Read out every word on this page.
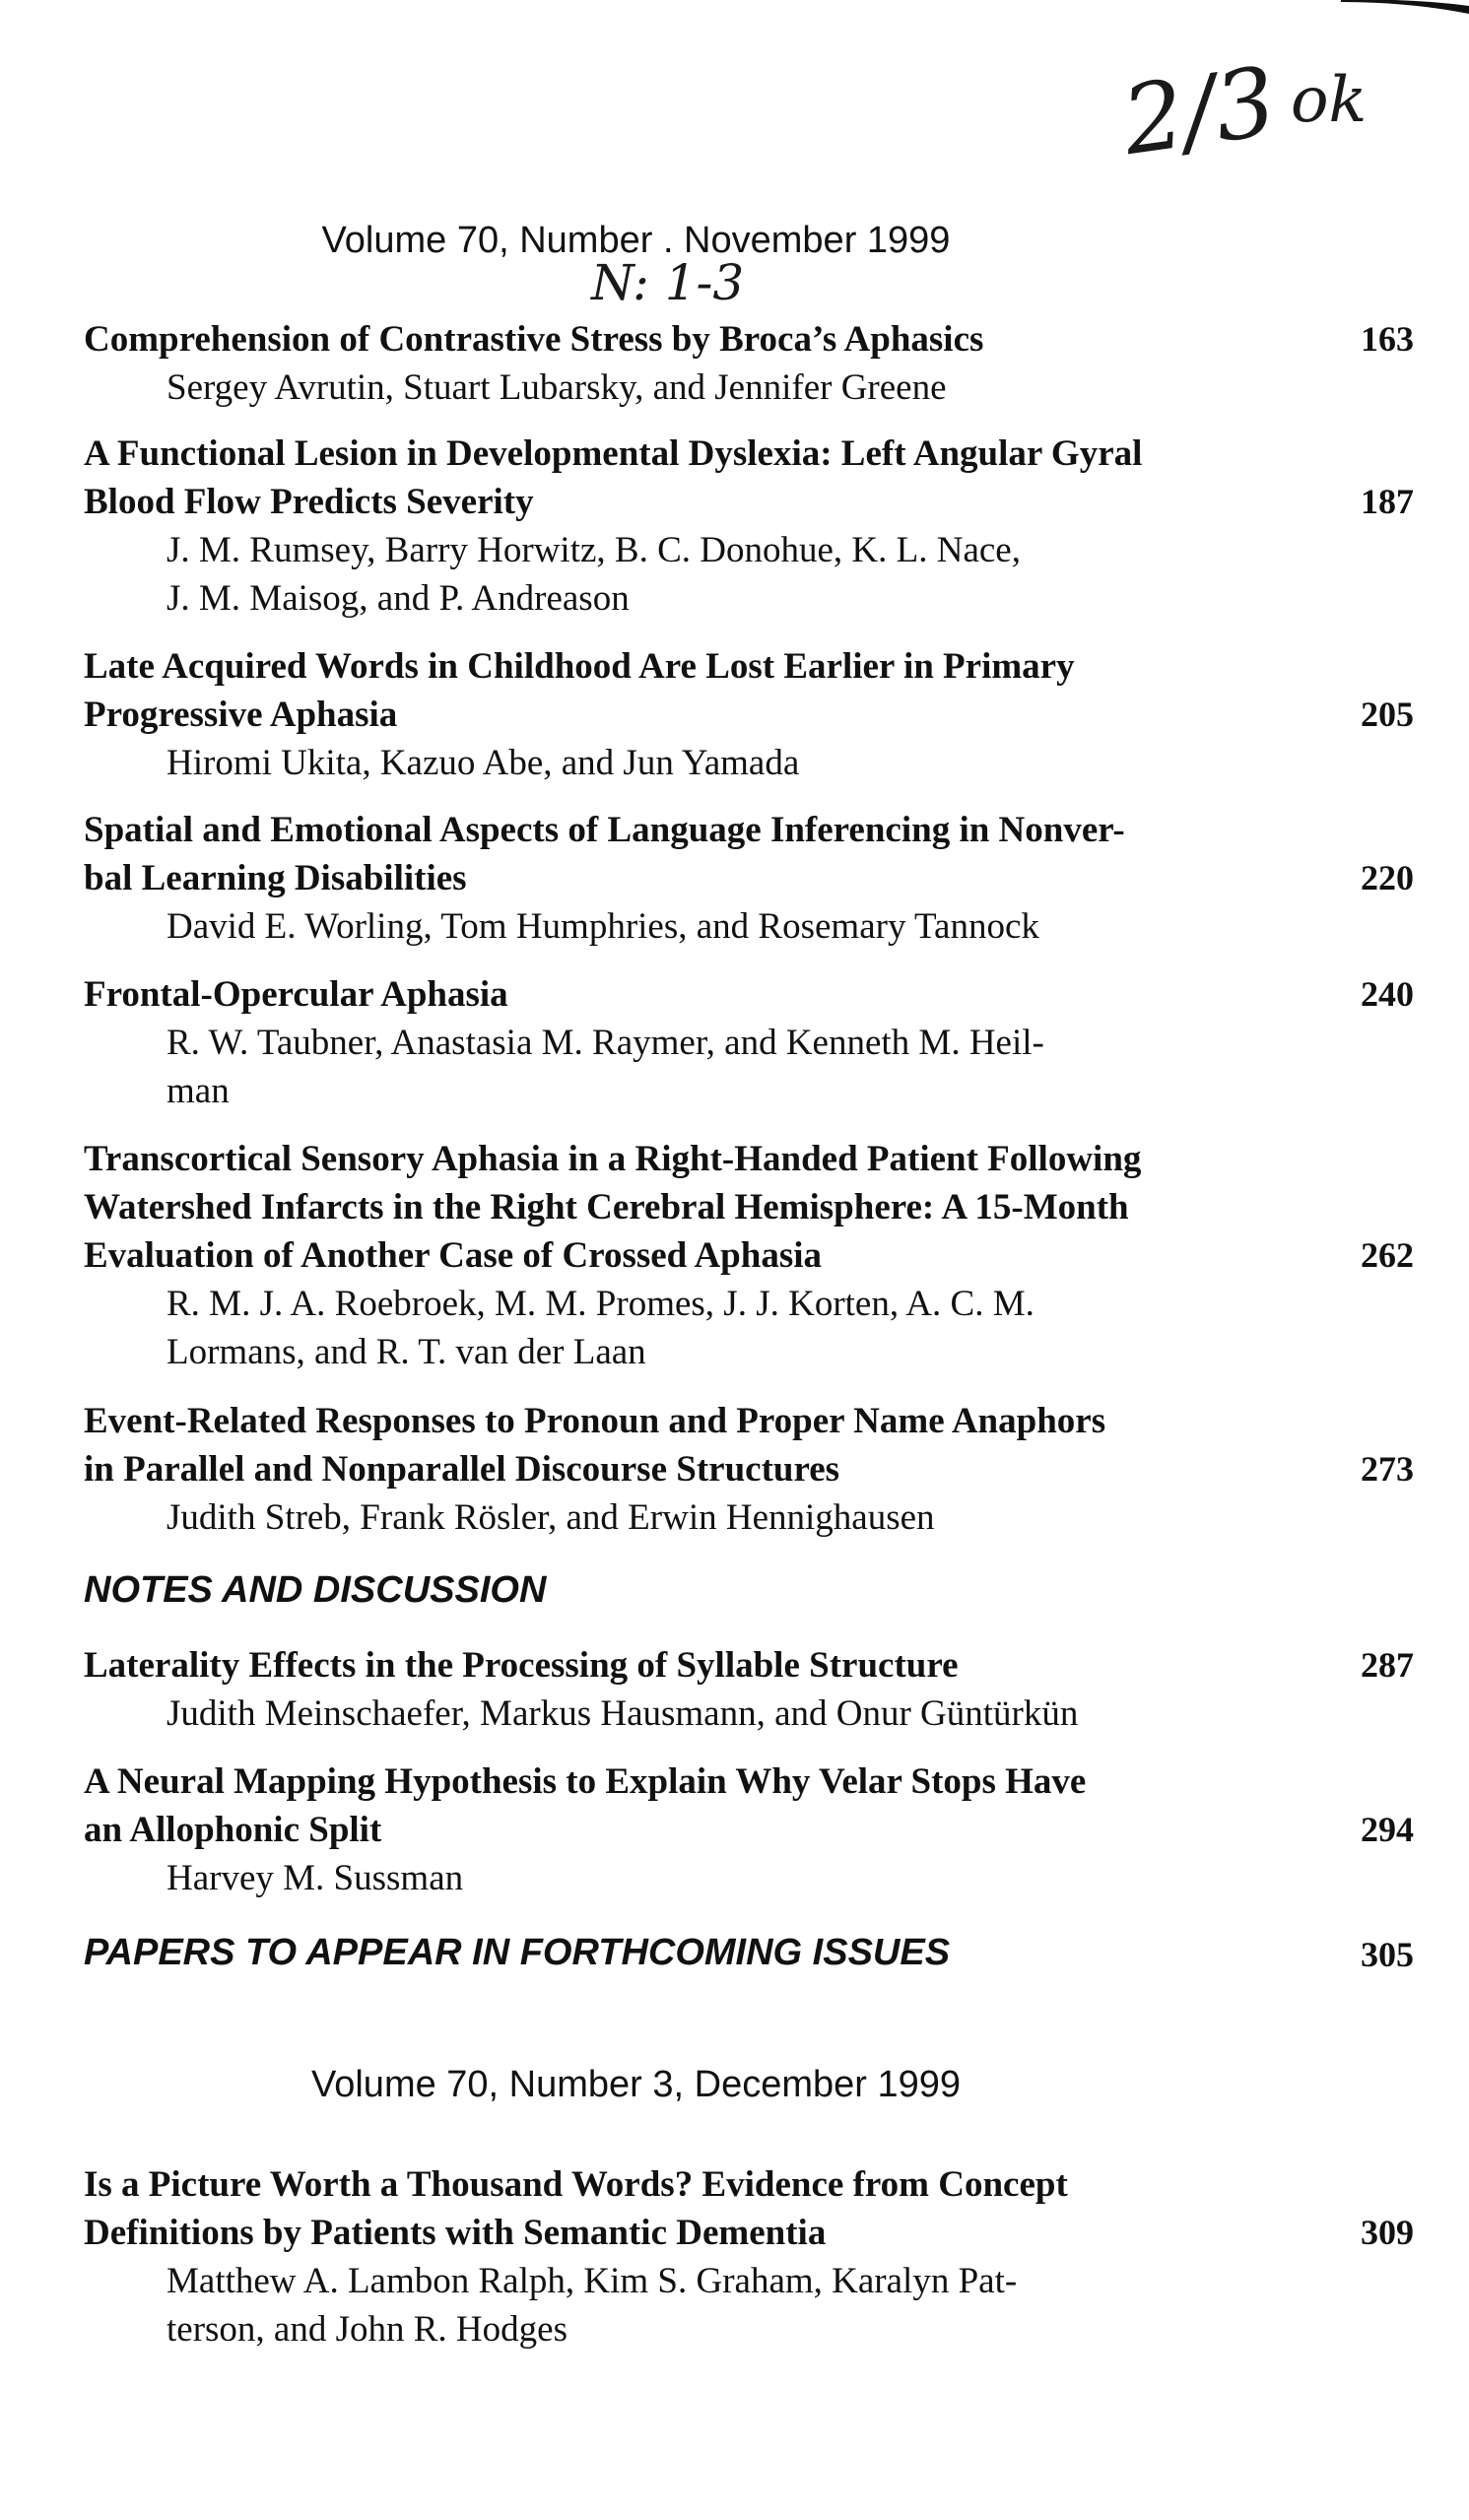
2/3 ok
N: 1-3
Volume 70, Number . November 1999
Comprehension of Contrastive Stress by Broca’s Aphasics	163
Sergey Avrutin, Stuart Lubarsky, and Jennifer Greene
A Functional Lesion in Developmental Dyslexia: Left Angular Gyral
Blood Flow Predicts Severity	187
J. M. Rumsey, Barry Horwitz, B. C. Donohue, K. L. Nace,
J. M. Maisog, and P. Andreason
Late Acquired Words in Childhood Are Lost Earlier in Primary
Progressive Aphasia	205
Hiromi Ukita, Kazuo Abe, and Jun Yamada
Spatial and Emotional Aspects of Language Inferencing in Nonver-
bal Learning Disabilities	220
David E. Worling, Tom Humphries, and Rosemary Tannock
Frontal-Opercular Aphasia	240
R. W. Taubner, Anastasia M. Raymer, and Kenneth M. Heil-
man
Transcortical Sensory Aphasia in a Right-Handed Patient Following
Watershed Infarcts in the Right Cerebral Hemisphere: A 15-Month
Evaluation of Another Case of Crossed Aphasia	262
R. M. J. A. Roebroek, M. M. Promes, J. J. Korten, A. C. M.
Lormans, and R. T. van der Laan
Event-Related Responses to Pronoun and Proper Name Anaphors
in Parallel and Nonparallel Discourse Structures	273
Judith Streb, Frank Rösler, and Erwin Hennighausen
NOTES AND DISCUSSION
Laterality Effects in the Processing of Syllable Structure	287
Judith Meinschaefer, Markus Hausmann, and Onur Güntürkün
A Neural Mapping Hypothesis to Explain Why Velar Stops Have
an Allophonic Split	294
Harvey M. Sussman
PAPERS TO APPEAR IN FORTHCOMING ISSUES	305
Volume 70, Number 3, December 1999
Is a Picture Worth a Thousand Words? Evidence from Concept
Definitions by Patients with Semantic Dementia	309
Matthew A. Lambon Ralph, Kim S. Graham, Karalyn Pat-
terson, and John R. Hodges
